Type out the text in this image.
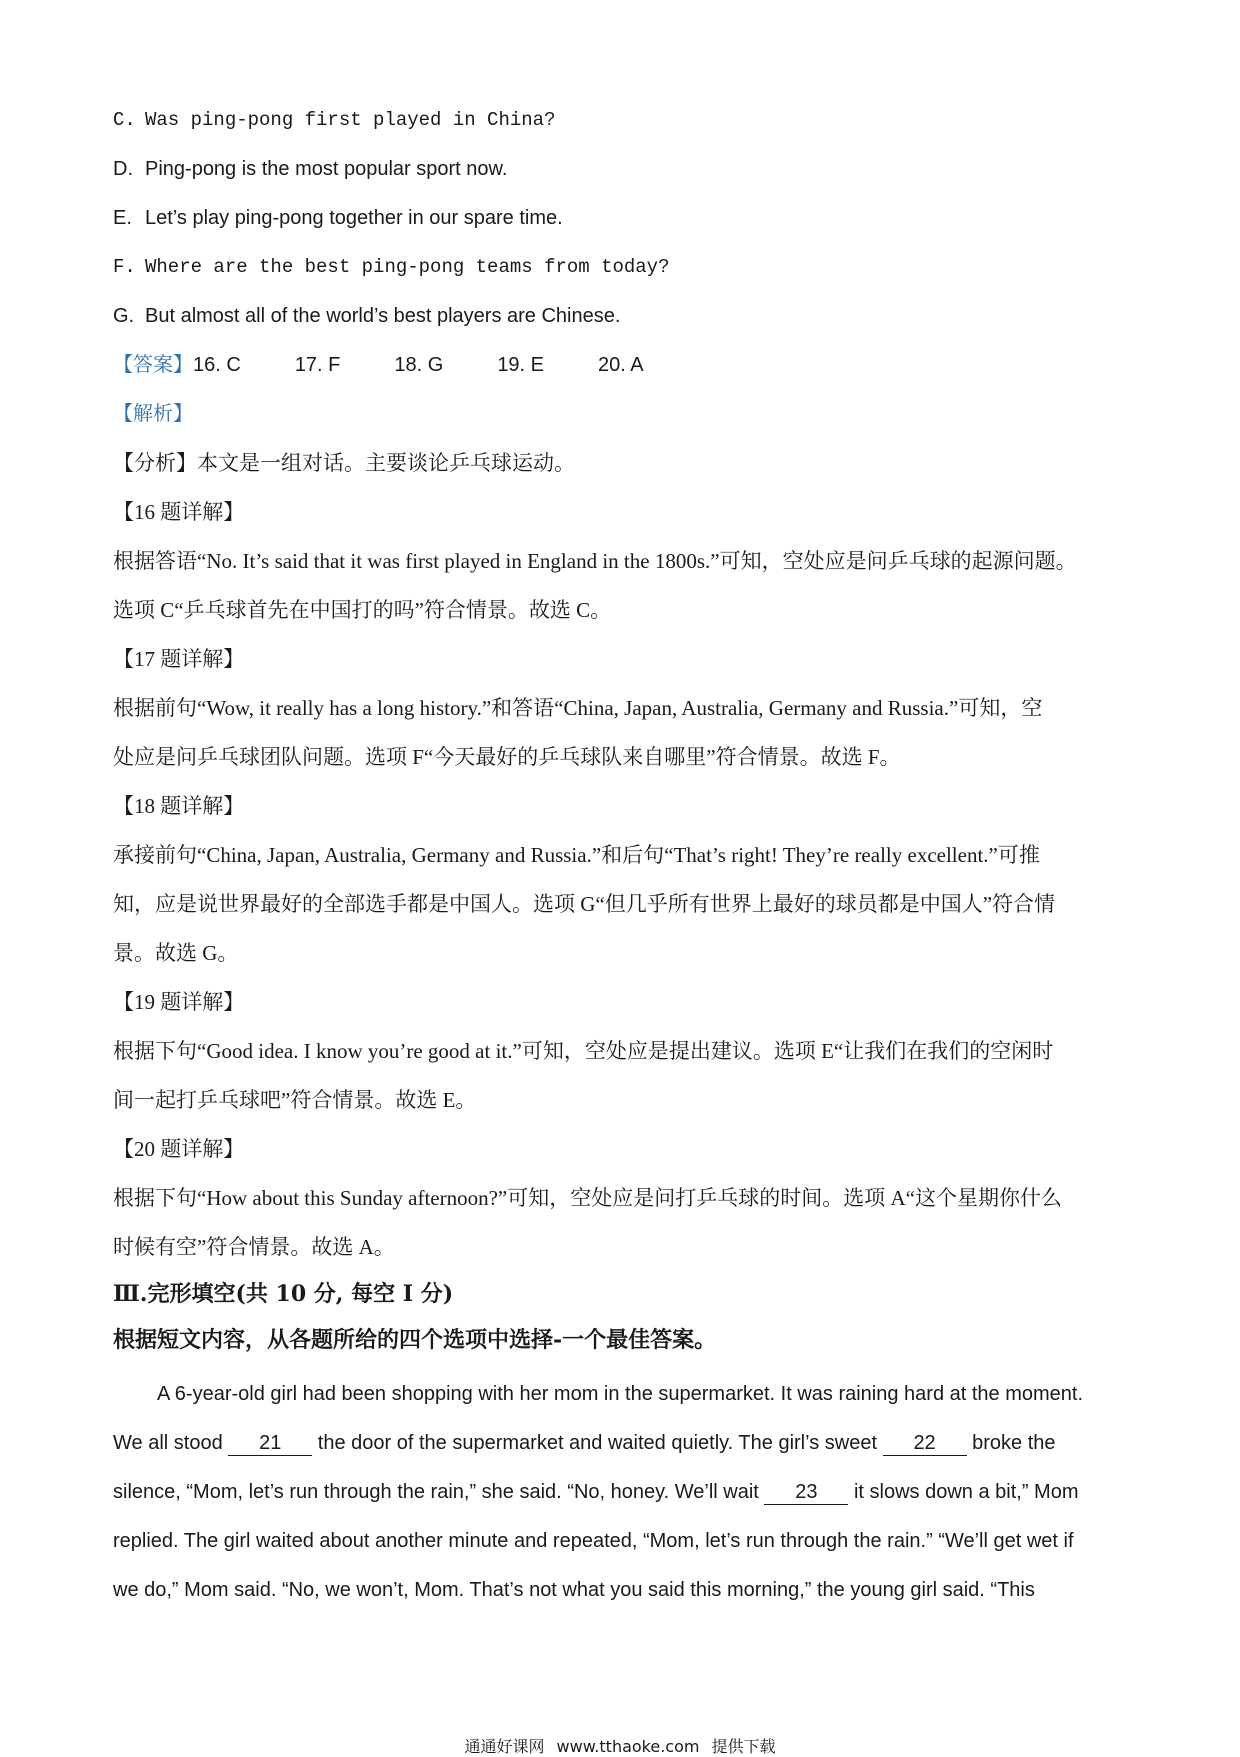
C. Was ping-pong first played in China?
D. Ping-pong is the most popular sport now.
E. Let’s play ping-pong together in our spare time.
F. Where are the best ping-pong teams from today?
G. But almost all of the world’s best players are Chinese.
【答案】16. C	17. F	18. G	19. E	20. A
【解析】
【分析】本文是一组对话。主要谈论乒乓球运动。
【16 题详解】
根据答语“No. It’s said that it was first played in England in the 1800s.”可知，空处应是问乒乓球的起源问题。
选项 C“乒乓球首先在中国打的吗”符合情景。故选 C。
【17 题详解】
根据前句“Wow, it really has a long history.”和答语“China, Japan, Australia, Germany and Russia.”可知，空
处应是问乒乓球团队问题。选项 F“今天最好的乒乓球队来自哪里”符合情景。故选 F。
【18 题详解】
承接前句“China, Japan, Australia, Germany and Russia.”和后句“That’s right! They’re really excellent.”可推
知，应是说世界最好的全部选手都是中国人。选项 G“但几乎所有世界上最好的球员都是中国人”符合情
景。故选 G。
【19 题详解】
根据下句“Good idea. I know you’re good at it.”可知，空处应是提出建议。选项 E“让我们在我们的空闲时
间一起打乒乓球吧”符合情景。故选 E。
【20 题详解】
根据下句“How about this Sunday afternoon?”可知，空处应是问打乒乓球的时间。选项 A“这个星期你什么
时候有空”符合情景。故选 A。
Ⅲ.完形填空(共 10 分, 每空 I 分)
根据短文内容，从各题所给的四个选项中选择-一个最佳答案。
A 6-year-old girl had been shopping with her mom in the supermarket. It was raining hard at the moment.
We all stood 21 the door of the supermarket and waited quietly. The girl’s sweet 22 broke the
silence, “Mom, let’s run through the rain,” she said. “No, honey. We’ll wait 23 it slows down a bit,” Mom
replied. The girl waited about another minute and repeated, “Mom, let’s run through the rain.” “We’ll get wet if
we do,” Mom said. “No, we won’t, Mom. That’s not what you said this morning,” the young girl said. “This
通通好课网 www.tthaoke.com 提供下载
